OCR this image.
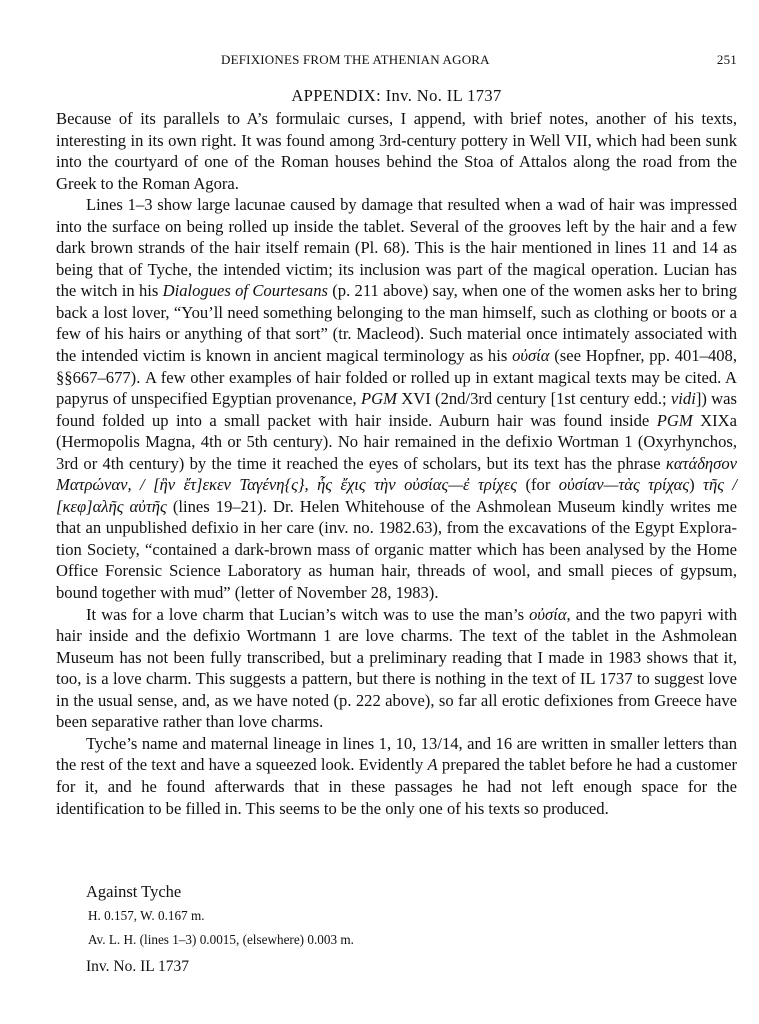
DEFIXIONES FROM THE ATHENIAN AGORA	251
APPENDIX: Inv. No. IL 1737

Because of its parallels to A’s formulaic curses, I append, with brief notes, another of his texts, interesting in its own right. It was found among 3rd-century pottery in Well VII, which had been sunk into the courtyard of one of the Roman houses behind the Stoa of Attalos along the road from the Greek to the Roman Agora.

Lines 1–3 show large lacunae caused by damage that resulted when a wad of hair was impressed into the surface on being rolled up inside the tablet. Several of the grooves left by the hair and a few dark brown strands of the hair itself remain (Pl. 68). This is the hair mentioned in lines 11 and 14 as being that of Tyche, the intended victim; its inclusion was part of the magical operation. Lucian has the witch in his Dialogues of Courtesans (p. 211 above) say, when one of the women asks her to bring back a lost lover, “You’ll need something belonging to the man himself, such as clothing or boots or a few of his hairs or anything of that sort” (tr. Macleod). Such material once intimately associated with the intended victim is known in ancient magical terminology as his οὐσία (see Hopfner, pp. 401–408, §§667–677). A few other examples of hair folded or rolled up in extant magical texts may be cited. A papyrus of unspecified Egyptian provenance, PGM XVI (2nd/3rd century [1st century edd.; vidi]) was found folded up into a small packet with hair inside. Auburn hair was found inside PGM XIXa (Hermopolis Magna, 4th or 5th century). No hair remained in the defixio Wortman 1 (Oxyrhynchos, 3rd or 4th century) by the time it reached the eyes of scholars, but its text has the phrase κατάδησον Ματρώναν, / [ἣν ἔτ]εκεν Ταγένη{ς}, ἧς ἔχις τὴν οὐσίας—ἐ τρίχες (for οὐσίαν—τὰς τρίχας) τῆς / [κεφ]αλῆς αὐτῆς (lines 19–21). Dr. Helen Whitehouse of the Ashmolean Museum kindly writes me that an unpublished defixio in her care (inv. no. 1982.63), from the excavations of the Egypt Exploration Society, “contained a dark-brown mass of organic matter which has been analysed by the Home Office Forensic Science Laboratory as human hair, threads of wool, and small pieces of gypsum, bound together with mud” (letter of November 28, 1983).

It was for a love charm that Lucian’s witch was to use the man’s οὐσία, and the two papyri with hair inside and the defixio Wortmann 1 are love charms. The text of the tablet in the Ashmolean Museum has not been fully transcribed, but a preliminary reading that I made in 1983 shows that it, too, is a love charm. This suggests a pattern, but there is nothing in the text of IL 1737 to suggest love in the usual sense, and, as we have noted (p. 222 above), so far all erotic defixiones from Greece have been separative rather than love charms.

Tyche’s name and maternal lineage in lines 1, 10, 13/14, and 16 are written in smaller letters than the rest of the text and have a squeezed look. Evidently A prepared the tablet before he had a customer for it, and he found afterwards that in these passages he had not left enough space for the identification to be filled in. This seems to be the only one of his texts so produced.

Against Tyche
H. 0.157, W. 0.167 m.
Av. L. H. (lines 1–3) 0.0015, (elsewhere) 0.003 m.
Inv. No. IL 1737
